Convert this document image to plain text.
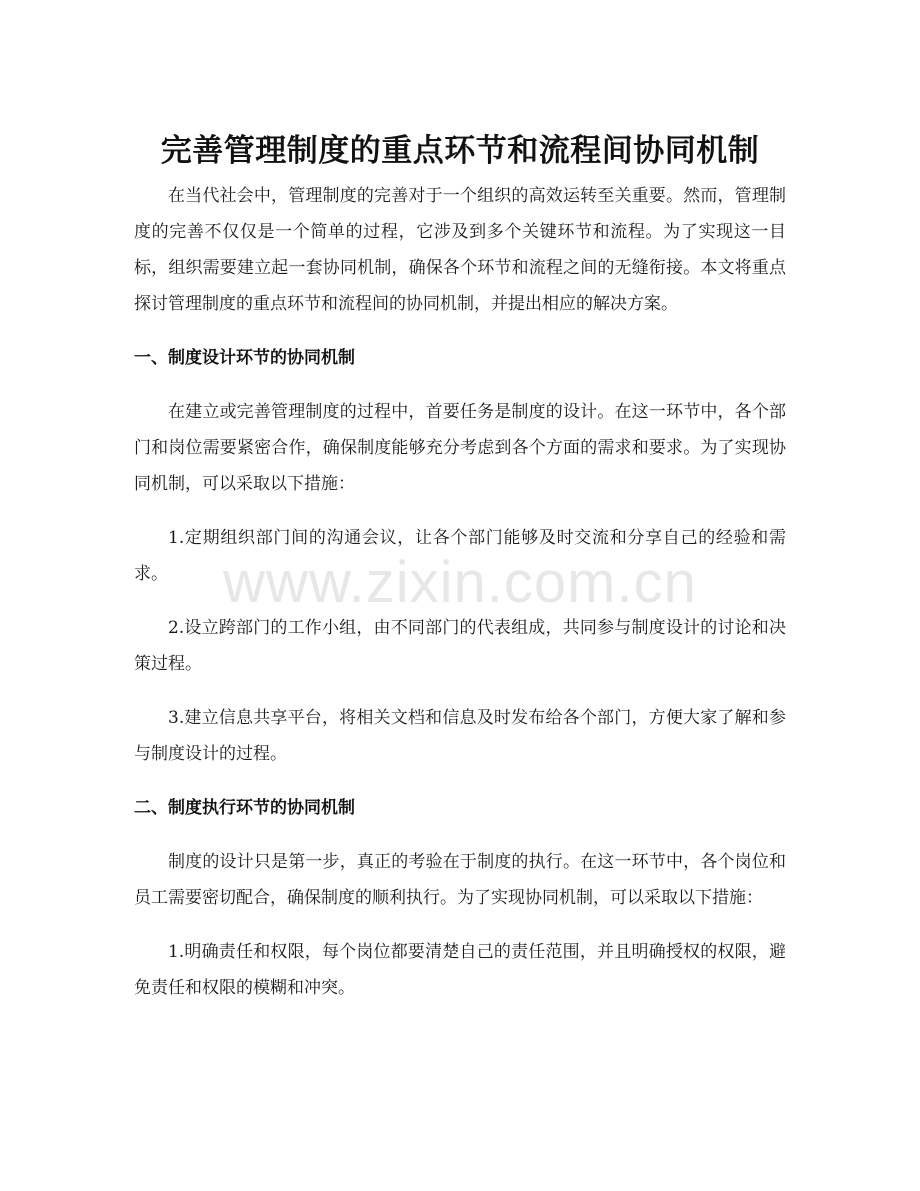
完善管理制度的重点环节和流程间协同机制

在当代社会中，管理制度的完善对于一个组织的高效运转至关重要。然而，管理制度的完善不仅仅是一个简单的过程，它涉及到多个关键环节和流程。为了实现这一目标，组织需要建立起一套协同机制，确保各个环节和流程之间的无缝衔接。本文将重点探讨管理制度的重点环节和流程间的协同机制，并提出相应的解决方案。

一、制度设计环节的协同机制

在建立或完善管理制度的过程中，首要任务是制度的设计。在这一环节中，各个部门和岗位需要紧密合作，确保制度能够充分考虑到各个方面的需求和要求。为了实现协同机制，可以采取以下措施：

1.定期组织部门间的沟通会议，让各个部门能够及时交流和分享自己的经验和需求。

2.设立跨部门的工作小组，由不同部门的代表组成，共同参与制度设计的讨论和决策过程。

3.建立信息共享平台，将相关文档和信息及时发布给各个部门，方便大家了解和参与制度设计的过程。

二、制度执行环节的协同机制

制度的设计只是第一步，真正的考验在于制度的执行。在这一环节中，各个岗位和员工需要密切配合，确保制度的顺利执行。为了实现协同机制，可以采取以下措施：

1.明确责任和权限，每个岗位都要清楚自己的责任范围，并且明确授权的权限，避免责任和权限的模糊和冲突。

www.zixin.com.cn
